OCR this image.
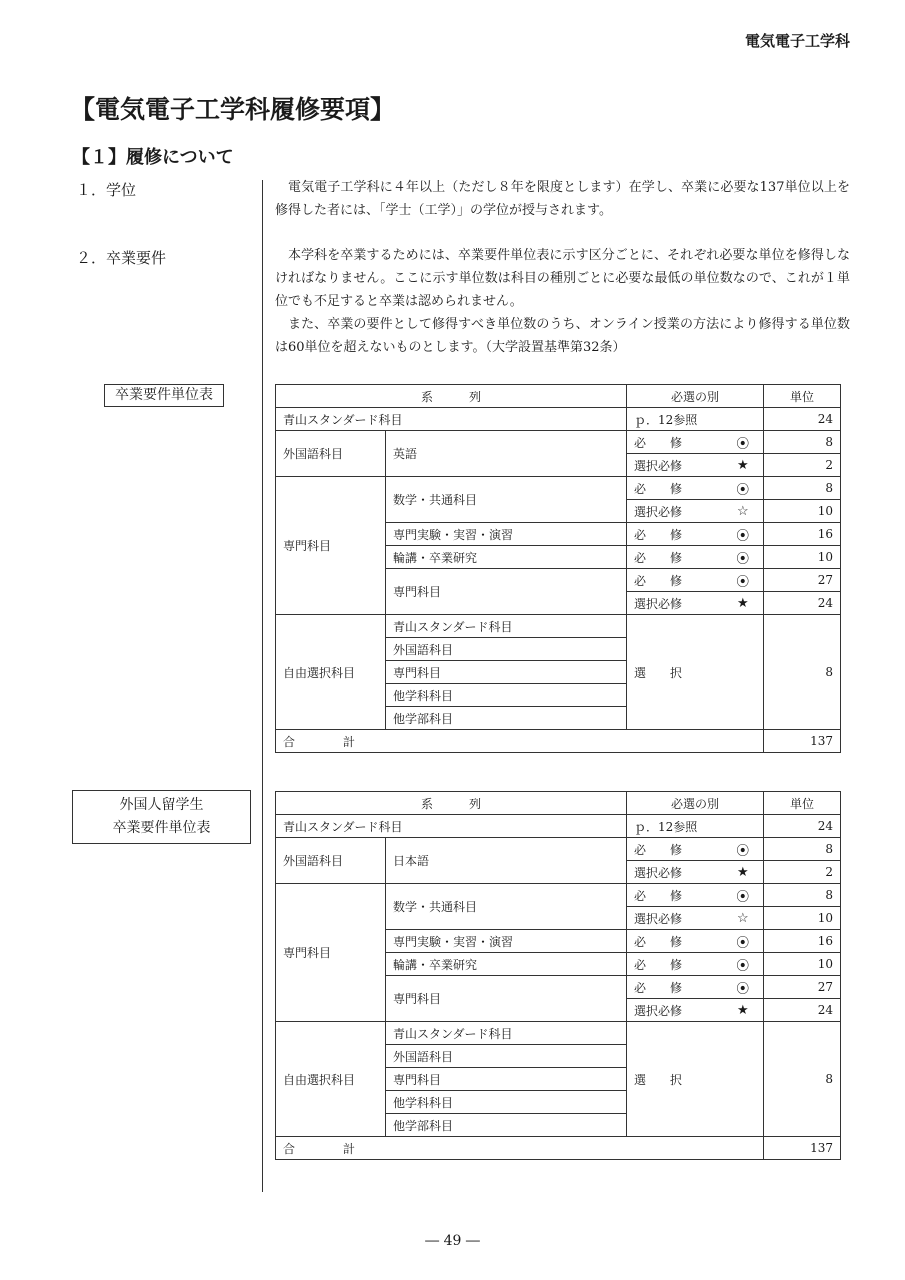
電気電子工学科
【電気電子工学科履修要項】
【１】履修について
１．学位	電気電子工学科に４年以上（ただし８年を限度とします）在学し、卒業に必要な137単位以上を修得した者には、「学士（工学）」の学位が授与されます。

２．卒業要件	本学科を卒業するためには、卒業要件単位表に示す区分ごとに、それぞれ必要な単位を修得しなければなりません。ここに示す単位数は科目の種別ごとに必要な最低の単位数なので、これが１単位でも不足すると卒業は認められません。

また、卒業の要件として修得すべき単位数のうち、オンライン授業の方法により修得する単位数は60単位を超えないものとします。（大学設置基準第32条）

卒業要件単位表
外国人留学生
卒業要件単位表
系　　　列		必選の別		単位
青山スタンダード科目		ｐ．12参照		24
外国語科目	英語	必　　修	⦿	8
		選択必修	★	2
専門科目	数学・共通科目	必　　修	⦿	8
		選択必修	☆	10
	専門実験・実習・演習	必　　修	⦿	16
	輪講・卒業研究	必　　修	⦿	10
	専門科目	必　　修	⦿	27
		選択必修	★	24
自由選択科目	青山スタンダード科目	選　　択		8
	外国語科目			
	専門科目			
	他学科科目			
	他学部科目			
合　　　　計				137
系　　　列		必選の別		単位
青山スタンダード科目		ｐ．12参照		24
外国語科目	日本語	必　　修	⦿	8
		選択必修	★	2
専門科目	数学・共通科目	必　　修	⦿	8
		選択必修	☆	10
	専門実験・実習・演習	必　　修	⦿	16
	輪講・卒業研究	必　　修	⦿	10
	専門科目	必　　修	⦿	27
		選択必修	★	24
自由選択科目	青山スタンダード科目	選　　択		8
	外国語科目			
	専門科目			
	他学科科目			
	他学部科目			
合　　　　計				137
― 49 ―
